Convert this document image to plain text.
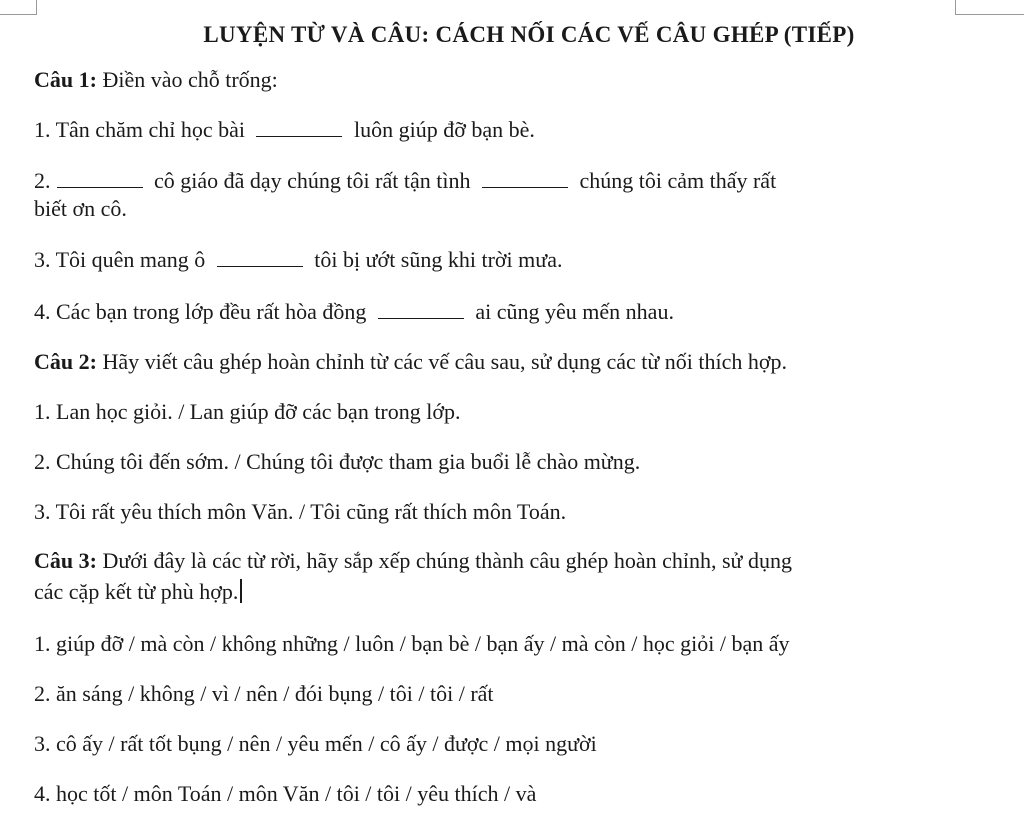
LUYỆN TỪ VÀ CÂU: CÁCH NỐI CÁC VẾ CÂU GHÉP (TIẾP)
Câu 1: Điền vào chỗ trống:
1. Tân chăm chỉ học bài	luôn giúp đỡ bạn bè.
2.	cô giáo đã dạy chúng tôi rất tận tình	chúng tôi cảm thấy rất
biết ơn cô.
3. Tôi quên mang ô	tôi bị ướt sũng khi trời mưa.
4. Các bạn trong lớp đều rất hòa đồng	ai cũng yêu mến nhau.
Câu 2: Hãy viết câu ghép hoàn chỉnh từ các vế câu sau, sử dụng các từ nối thích hợp.
1. Lan học giỏi. / Lan giúp đỡ các bạn trong lớp.
2. Chúng tôi đến sớm. / Chúng tôi được tham gia buổi lễ chào mừng.
3. Tôi rất yêu thích môn Văn. / Tôi cũng rất thích môn Toán.
Câu 3: Dưới đây là các từ rời, hãy sắp xếp chúng thành câu ghép hoàn chỉnh, sử dụng
các cặp kết từ phù hợp.
1. giúp đỡ / mà còn / không những / luôn / bạn bè / bạn ấy / mà còn / học giỏi / bạn ấy
2. ăn sáng / không / vì / nên / đói bụng / tôi / tôi / rất
3. cô ấy / rất tốt bụng / nên / yêu mến / cô ấy / được / mọi người
4. học tốt / môn Toán / môn Văn / tôi / tôi / yêu thích / và
